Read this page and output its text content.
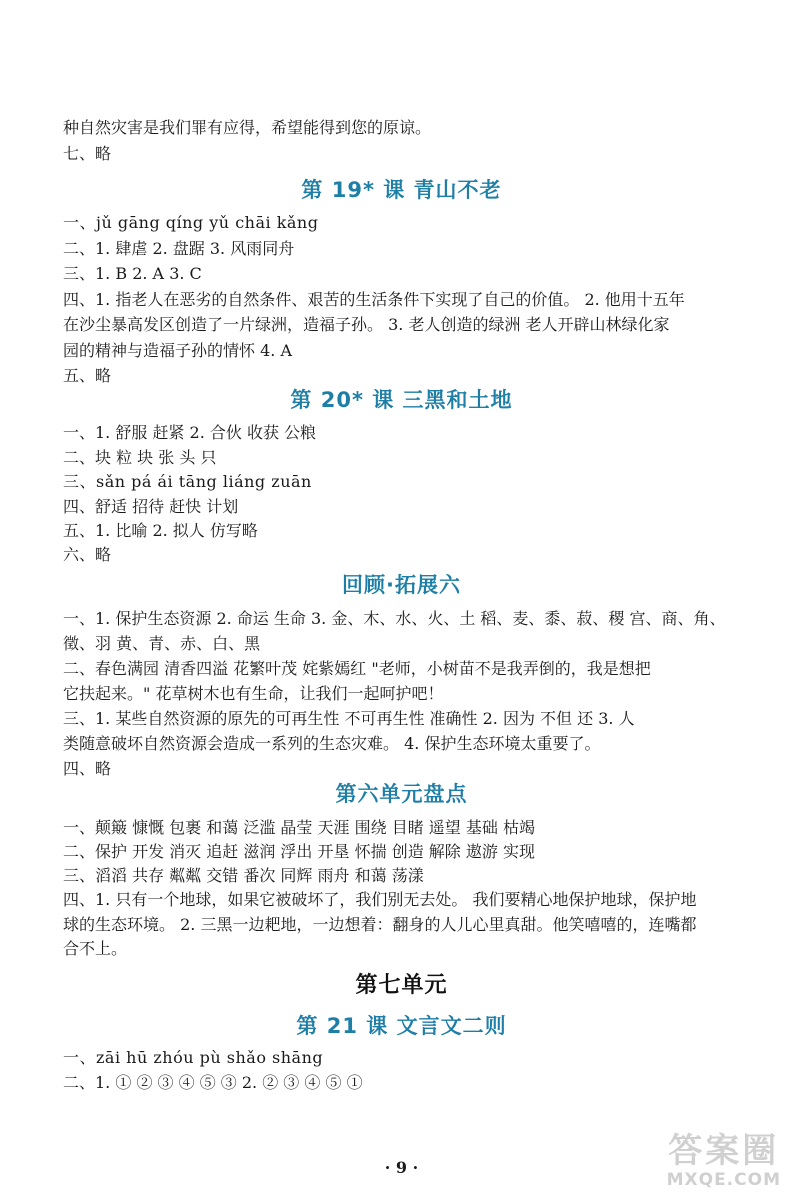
种自然灾害是我们罪有应得，希望能得到您的原谅。
七、略
第 19* 课 青山不老
一、jǔ gāng qíng yǔ chāi kǎng
二、1. 肆虐 2. 盘踞 3. 风雨同舟
三、1. B 2. A 3. C
四、1. 指老人在恶劣的自然条件、艰苦的生活条件下实现了自己的价值。 2. 他用十五年
在沙尘暴高发区创造了一片绿洲，造福子孙。 3. 老人创造的绿洲 老人开辟山林绿化家
园的精神与造福子孙的情怀 4. A
五、略
第 20* 课 三黑和土地
一、1. 舒服 赶紧 2. 合伙 收获 公粮
二、块 粒 块 张 头 只
三、sǎn pá ái tāng liáng zuān
四、舒适 招待 赶快 计划
五、1. 比喻 2. 拟人 仿写略
六、略
回顾·拓展六
一、1. 保护生态资源 2. 命运 生命 3. 金、木、水、火、土 稻、麦、黍、菽、稷 宫、商、角、
徵、羽 黄、青、赤、白、黑
二、春色满园 清香四溢 花繁叶茂 姹紫嫣红 "老师，小树苗不是我弄倒的，我是想把
它扶起来。" 花草树木也有生命，让我们一起呵护吧！
三、1. 某些自然资源的原先的可再生性 不可再生性 准确性 2. 因为 不但 还 3. 人
类随意破坏自然资源会造成一系列的生态灾难。 4. 保护生态环境太重要了。
四、略
第六单元盘点
一、颠簸 慷慨 包裹 和蔼 泛滥 晶莹 天涯 围绕 目睹 遥望 基础 枯竭
二、保护 开发 消灭 追赶 滋润 浮出 开垦 怀揣 创造 解除 遨游 实现
三、滔滔 共存 粼粼 交错 番次 同辉 雨舟 和蔼 荡漾
四、1. 只有一个地球，如果它被破坏了，我们别无去处。 我们要精心地保护地球，保护地
球的生态环境。 2. 三黑一边耙地，一边想着：翻身的人儿心里真甜。他笑嘻嘻的，连嘴都
合不上。
第七单元
第 21 课 文言文二则
一、zāi hū zhóu pù shǎo shāng
二、1. ① ② ③ ④ ⑤ ③ 2. ② ③ ④ ⑤ ①
· 9 ·	答案圈
MXQE.COM
